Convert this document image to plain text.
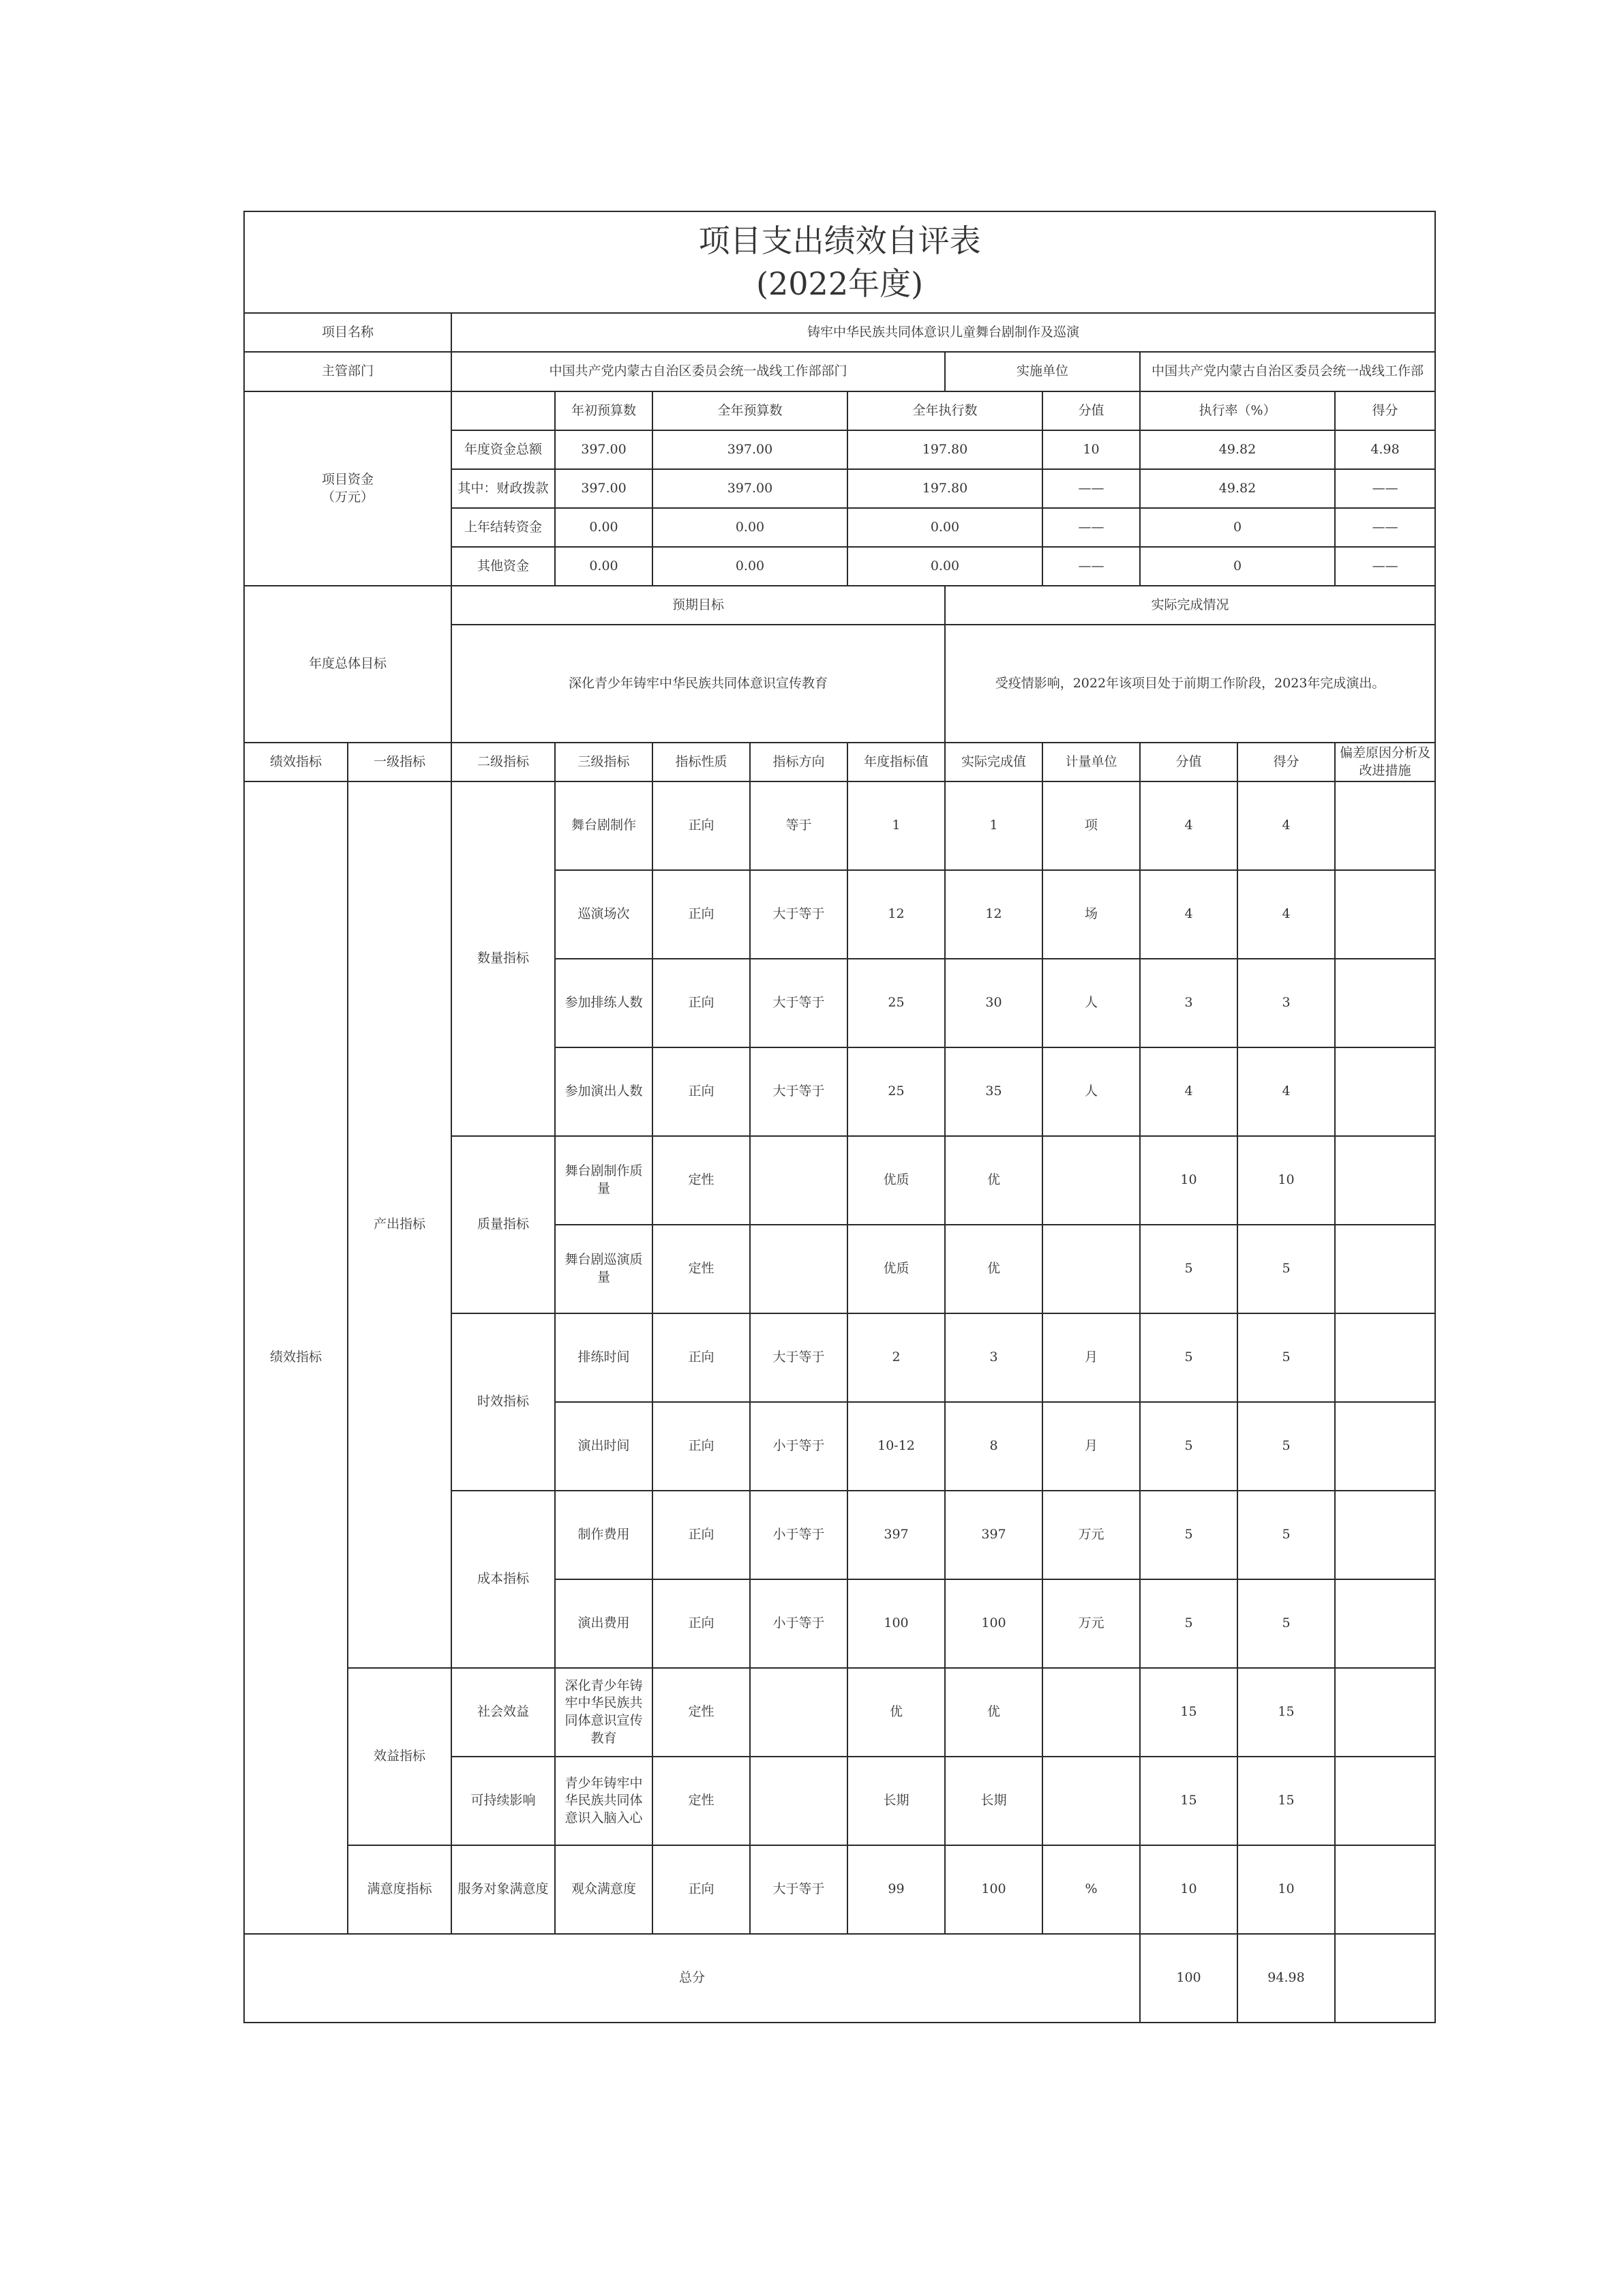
项目支出绩效自评表
(2022年度)											

项目名称		铸牢中华民族共同体意识儿童舞台剧制作及巡演									
主管部门		中国共产党内蒙古自治区委员会统一战线工作部部门					实施单位		中国共产党内蒙古自治区委员会统一战线工作部		

项目资金
（万元）			年初预算数	全年预算数		全年执行数		分值	执行率（%）		得分
		年度资金总额	397.00	397.00		197.80		10	49.82		4.98
		其中：财政拨款	397.00	397.00		197.80		——	49.82		——
		上年结转资金	0.00	0.00		0.00		——	0		——
		其他资金	0.00	0.00		0.00		——	0		——
年度总体目标		预期目标					实际完成情况				
		深化青少年铸牢中华民族共同体意识宣传教育					受疫情影响，2022年该项目处于前期工作阶段，2023年完成演出。				
绩效指标	一级指标	二级指标	三级指标	指标性质	指标方向	年度指标值	实际完成值	计量单位	分值	得分	偏差原因分析及改进措施
绩效指标	产出指标	数量指标	舞台剧制作	正向	等于	1	1	项	4	4	
			巡演场次	正向	大于等于	12	12	场	4	4	
			参加排练人数	正向	大于等于	25	30	人	3	3	
			参加演出人数	正向	大于等于	25	35	人	4	4	
		质量指标	舞台剧制作质量	定性		优质	优		10	10	
			舞台剧巡演质量	定性		优质	优		5	5	
		时效指标	排练时间	正向	大于等于	2	3	月	5	5	
			演出时间	正向	小于等于	10-12	8	月	5	5	
		成本指标	制作费用	正向	小于等于	397	397	万元	5	5	
			演出费用	正向	小于等于	100	100	万元	5	5	
	效益指标	社会效益	深化青少年铸牢中华民族共同体意识宣传教育	定性		优	优		15	15	
		可持续影响	青少年铸牢中华民族共同体意识入脑入心	定性		长期	长期		15	15	
	满意度指标	服务对象满意度	观众满意度	正向	大于等于	99	100	%	10	10	
总分									100	94.98	
